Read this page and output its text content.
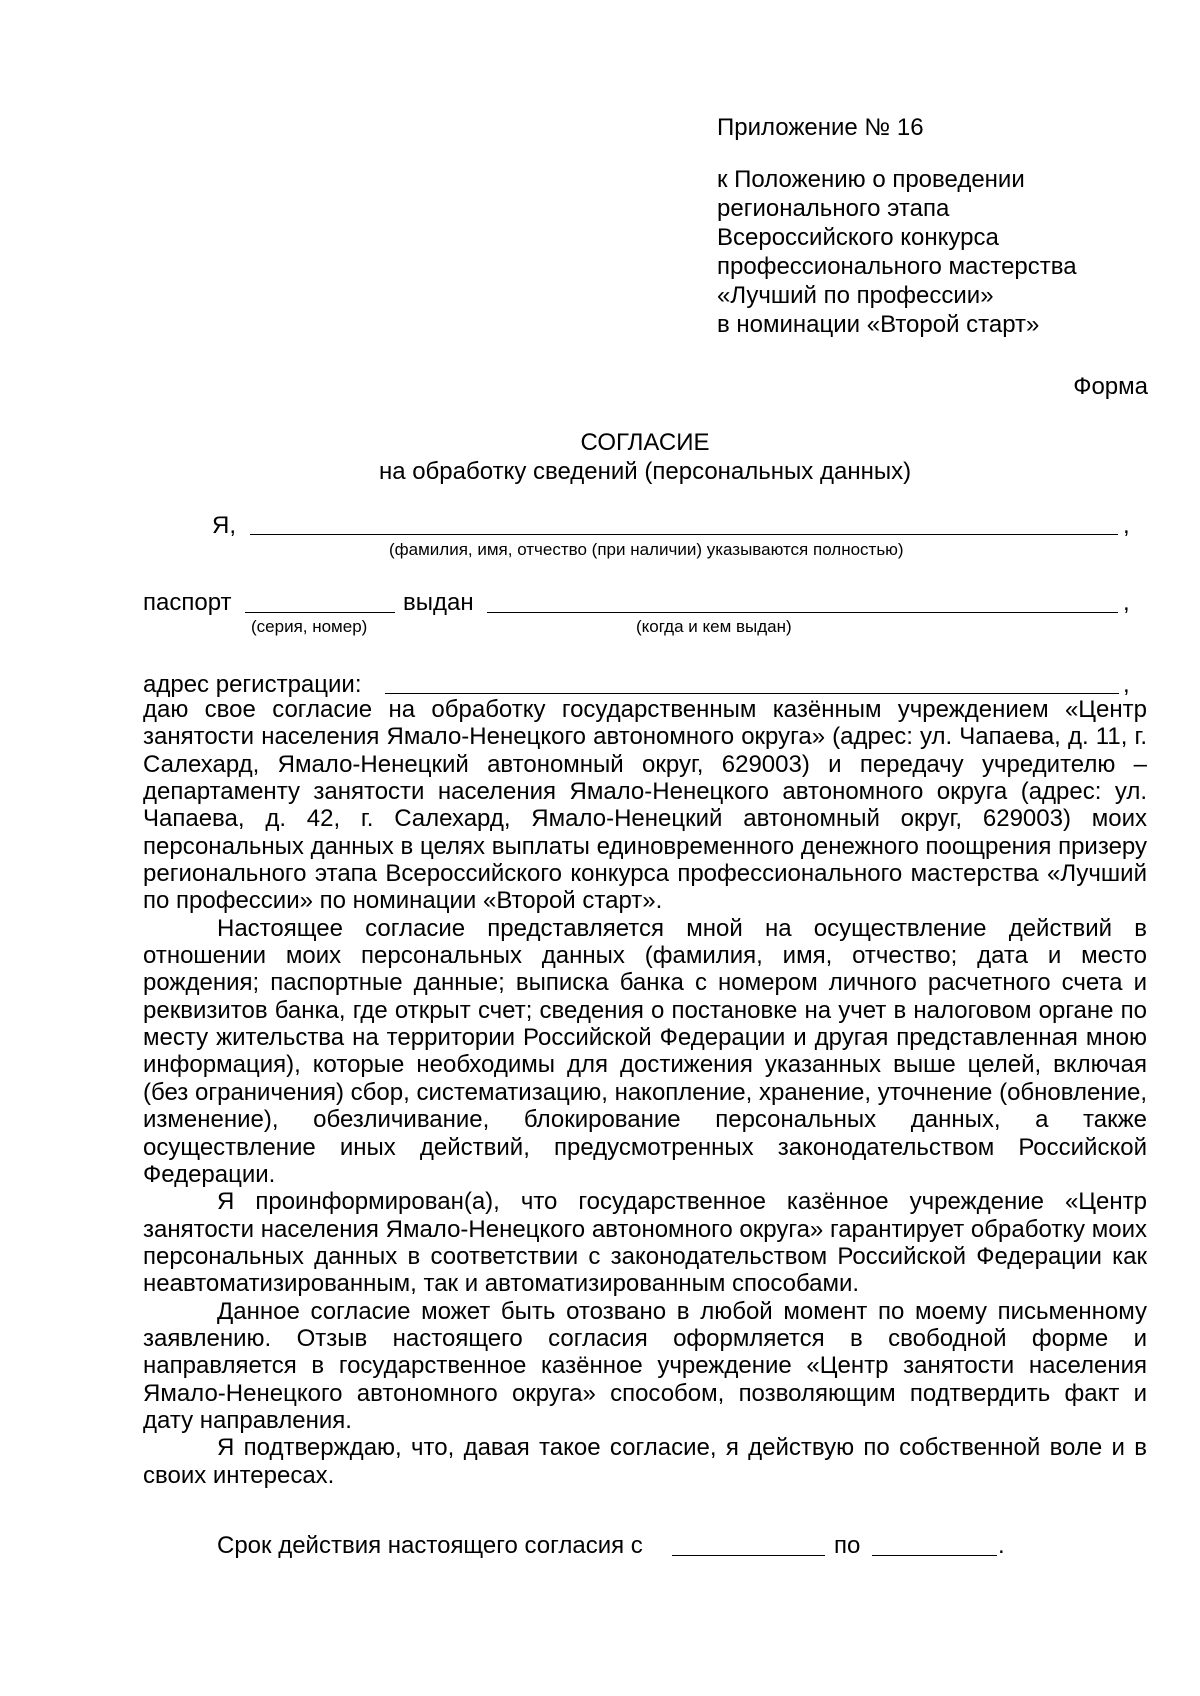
Приложение № 16
к Положению о проведении
регионального этапа
Всероссийского конкурса
профессионального мастерства
«Лучший по профессии»
в номинации «Второй старт»
Форма
СОГЛАСИЕ
на обработку сведений (персональных данных)
Я,	,
(фамилия, имя, отчество (при наличии) указываются полностью)
паспорт	выдан	,
(серия, номер)	(когда и кем выдан)
адрес регистрации:	,

даю свое согласие на обработку государственным казённым учреждением «Центр занятости населения Ямало-Ненецкого автономного округа» (адрес: ул. Чапаева, д. 11, г. Салехард, Ямало-Ненецкий автономный округ, 629003) и передачу учредителю – департаменту занятости населения Ямало-Ненецкого автономного округа (адрес: ул. Чапаева, д. 42, г. Салехард, Ямало-Ненецкий автономный округ, 629003) моих персональных данных в целях выплаты единовременного денежного поощрения призеру регионального этапа Всероссийского конкурса профессионального мастерства «Лучший по профессии» по номинации «Второй старт».

Настоящее согласие представляется мной на осуществление действий в отношении моих персональных данных (фамилия, имя, отчество; дата и место рождения; паспортные данные; выписка банка с номером личного расчетного счета и реквизитов банка, где открыт счет; сведения о постановке на учет в налоговом органе по месту жительства на территории Российской Федерации и другая представленная мною информация), которые необходимы для достижения указанных выше целей, включая (без ограничения) сбор, систематизацию, накопление, хранение, уточнение (обновление, изменение), обезличивание, блокирование персональных данных, а также осуществление иных действий, предусмотренных законодательством Российской Федерации.

Я проинформирован(а), что государственное казённое учреждение «Центр занятости населения Ямало-Ненецкого автономного округа» гарантирует обработку моих персональных данных в соответствии с законодательством Российской Федерации как неавтоматизированным, так и автоматизированным способами.

Данное согласие может быть отозвано в любой момент по моему письменному заявлению. Отзыв настоящего согласия оформляется в свободной форме и направляется в государственное казённое учреждение «Центр занятости населения Ямало-Ненецкого автономного округа» способом, позволяющим подтвердить факт и дату направления.

Я подтверждаю, что, давая такое согласие, я действую по собственной воле и в своих интересах.

Срок действия настоящего согласия с	по	.
